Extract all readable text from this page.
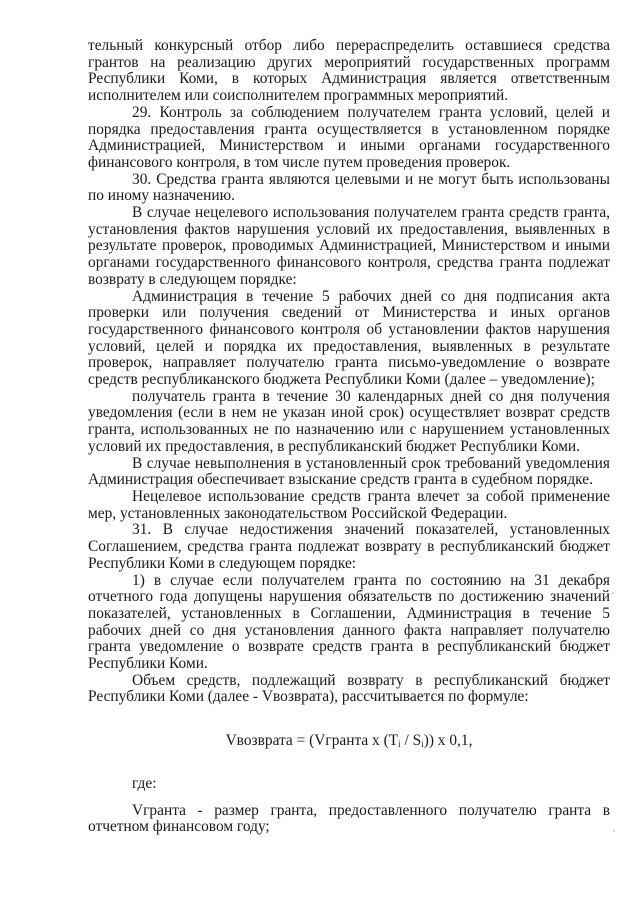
тельный конкурсный отбор либо перераспределить оставшиеся средства грантов на реализацию других мероприятий государственных программ Республики Коми, в которых Администрация является ответственным исполнителем или соисполнителем программных мероприятий.

29. Контроль за соблюдением получателем гранта условий, целей и порядка предоставления гранта осуществляется в установленном порядке Администрацией, Министерством и иными органами государственного финансового контроля, в том числе путем проведения проверок.

30. Средства гранта являются целевыми и не могут быть использованы по иному назначению.

В случае нецелевого использования получателем гранта средств гранта, установления фактов нарушения условий их предоставления, выявленных в результате проверок, проводимых Администрацией, Министерством и иными органами государственного финансового контроля, средства гранта подлежат возврату в следующем порядке:

Администрация в течение 5 рабочих дней со дня подписания акта проверки или получения сведений от Министерства и иных органов государственного финансового контроля об установлении фактов нарушения условий, целей и порядка их предоставления, выявленных в результате проверок, направляет получателю гранта письмо-уведомление о возврате средств республиканского бюджета Республики Коми (далее – уведомление);

получатель гранта в течение 30 календарных дней со дня получения уведомления (если в нем не указан иной срок) осуществляет возврат средств гранта, использованных не по назначению или с нарушением установленных условий их предоставления, в республиканский бюджет Республики Коми.

В случае невыполнения в установленный срок требований уведомления Администрация обеспечивает взыскание средств гранта в судебном порядке.

Нецелевое использование средств гранта влечет за собой применение мер, установленных законодательством Российской Федерации.

31. В случае недостижения значений показателей, установленных Соглашением, средства гранта подлежат возврату в республиканский бюджет Республики Коми в следующем порядке:

1) в случае если получателем гранта по состоянию на 31 декабря отчетного года допущены нарушения обязательств по достижению значений показателей, установленных в Соглашении, Администрация в течение 5 рабочих дней со дня установления данного факта направляет получателю гранта уведомление о возврате средств гранта в республиканский бюджет Республики Коми.

Объем средств, подлежащий возврату в республиканский бюджет Республики Коми (далее - Vвозврата), рассчитывается по формуле:

Vвозврата = (Vгранта x $(T_i / S_i)$) x 0,1,

где:

Vгранта - размер гранта, предоставленного получателю гранта в отчетном финансовом году;
